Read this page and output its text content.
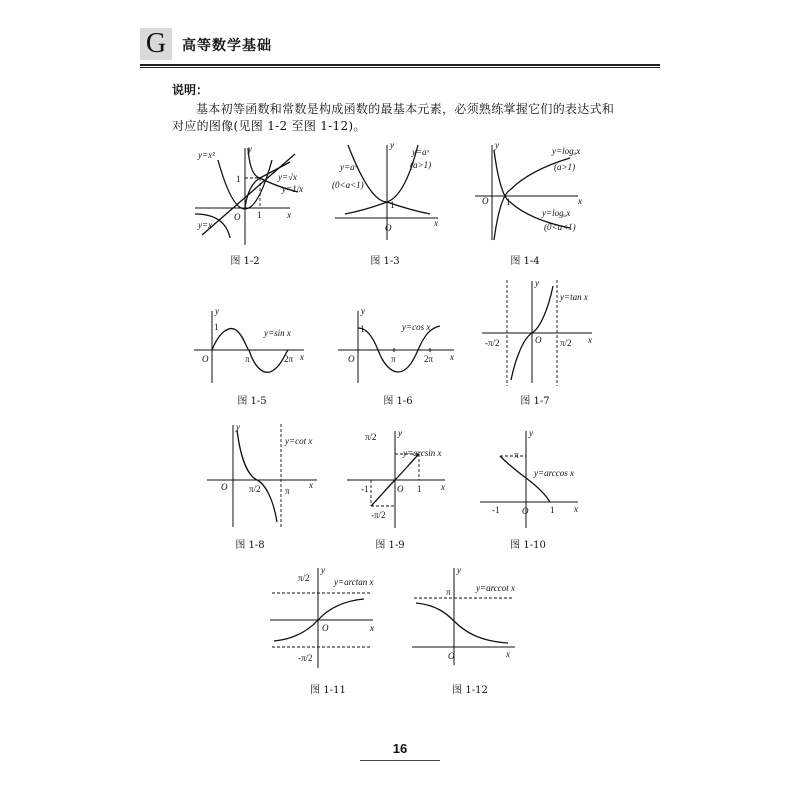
G	高等数学基础
说明：
基本初等函数和常数是构成函数的最基本元素，必须熟练掌握它们的表达式和对应的图像(见图 1-2 至图 1-12)。
y=x²
y=x
y=√x
y=1/x
1
1
O	x
y
图 1-2
y=aˣ
(0<a<1)
y=aˣ
(a>1)
1
O	x
y
图 1-3
y=logₐx
(a>1)
y=logₐx
(0<a<1)
1
O	x
y
图 1-4
1
y=sin x
O	π	2π x
y
图 1-5
1	y=cos x
O	π	2π x
y
图 1-6
y=tan x
-π/2	π/2
O	x
y
图 1-7
y=cot x
O π/2	π
x
y
图 1-8
y=arcsin x
π/2
-π/2
1
-1	O	x
y
图 1-9
y=arccos x
π
1
-1	O	x
y
图 1-10
y=arctan x
π/2
-π/2
O	x
y
图 1-11
y=arccot x
π
O	x
y
图 1-12
16
